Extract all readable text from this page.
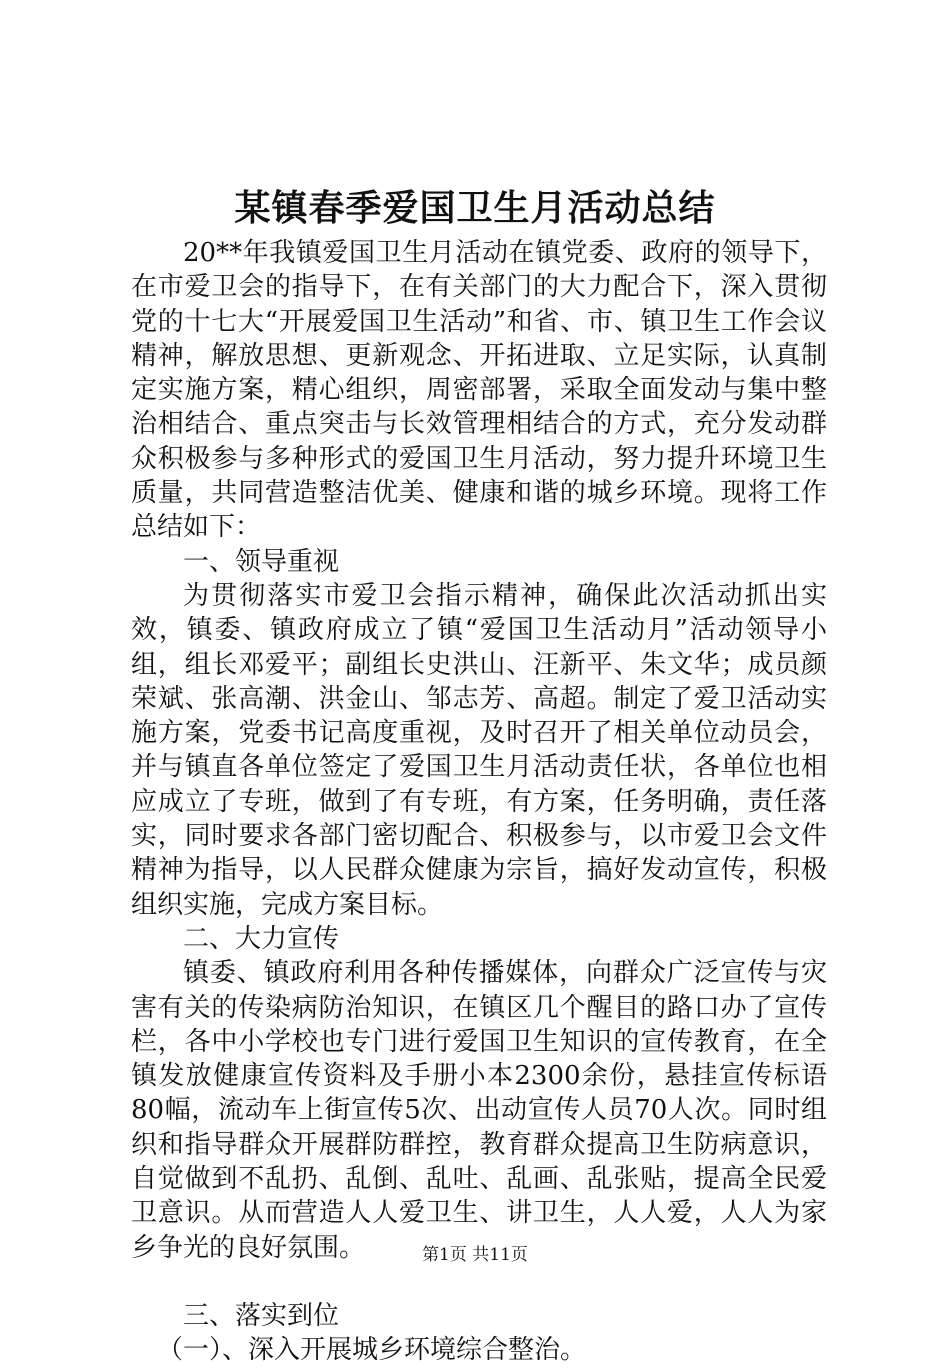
某镇春季爱国卫生月活动总结

20**年我镇爱国卫生月活动在镇党委、政府的领导下，在市爱卫会的指导下，在有关部门的大力配合下，深入贯彻党的十七大“开展爱国卫生活动”和省、市、镇卫生工作会议精神，解放思想、更新观念、开拓进取、立足实际，认真制定实施方案，精心组织，周密部署，采取全面发动与集中整治相结合、重点突击与长效管理相结合的方式，充分发动群众积极参与多种形式的爱国卫生月活动，努力提升环境卫生质量，共同营造整洁优美、健康和谐的城乡环境。现将工作总结如下：

一、领导重视

为贯彻落实市爱卫会指示精神，确保此次活动抓出实效，镇委、镇政府成立了镇“爱国卫生活动月”活动领导小组，组长邓爱平；副组长史洪山、汪新平、朱文华；成员颜荣斌、张高潮、洪金山、邹志芳、高超。制定了爱卫活动实施方案，党委书记高度重视，及时召开了相关单位动员会，并与镇直各单位签定了爱国卫生月活动责任状，各单位也相应成立了专班，做到了有专班，有方案，任务明确，责任落实，同时要求各部门密切配合、积极参与，以市爱卫会文件精神为指导，以人民群众健康为宗旨，搞好发动宣传，积极组织实施，完成方案目标。

二、大力宣传

镇委、镇政府利用各种传播媒体，向群众广泛宣传与灾害有关的传染病防治知识，在镇区几个醒目的路口办了宣传栏，各中小学校也专门进行爱国卫生知识的宣传教育，在全镇发放健康宣传资料及手册小本2300余份，悬挂宣传标语80幅，流动车上街宣传5次、出动宣传人员70人次。同时组织和指导群众开展群防群控，教育群众提高卫生防病意识，自觉做到不乱扔、乱倒、乱吐、乱画、乱张贴，提高全民爱卫意识。从而营造人人爱卫生、讲卫生，人人爱，人人为家乡争光的良好氛围。

三、落实到位

（一）、深入开展城乡环境综合整治。

第1页 共11页
